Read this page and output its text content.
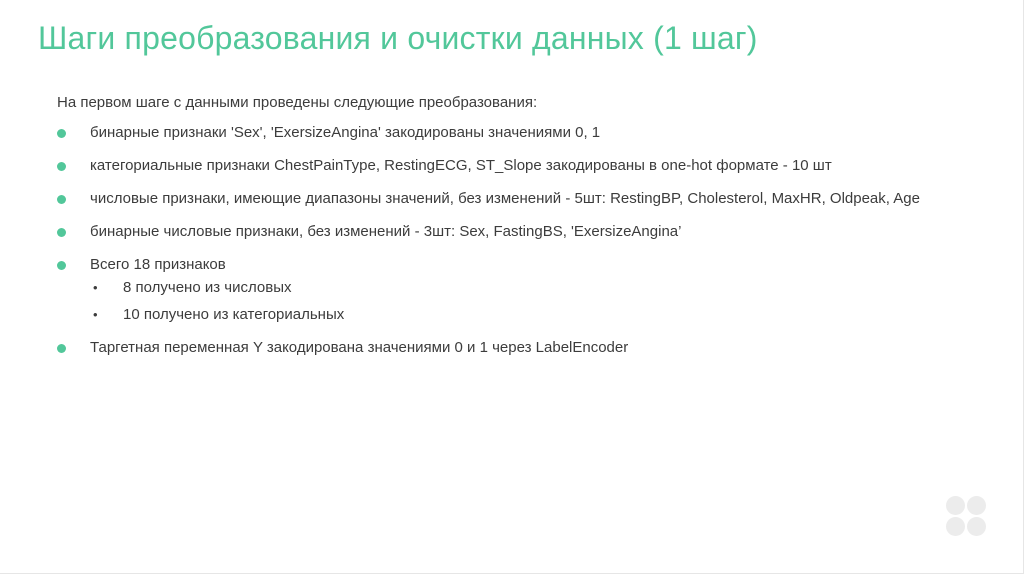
Шаги преобразования и очистки данных (1 шаг)

На первом шаге с данными проведены следующие преобразования:

бинарные признаки 'Sex', 'ExersizeAngina' закодированы значениями 0, 1
категориальные признаки ChestPainType, RestingECG, ST_Slope закодированы в one-hot формате - 10 шт
числовые признаки, имеющие диапазоны значений, без изменений - 5шт: RestingBP, Cholesterol, MaxHR, Oldpeak, Age
бинарные числовые признаки, без изменений - 3шт: Sex, FastingBS, 'ExersizeAngina’
Всего 18 признаков
• 8 получено из числовых
• 10 получено из категориальных
Таргетная переменная Y закодирована значениями 0 и 1 через LabelEncoder
